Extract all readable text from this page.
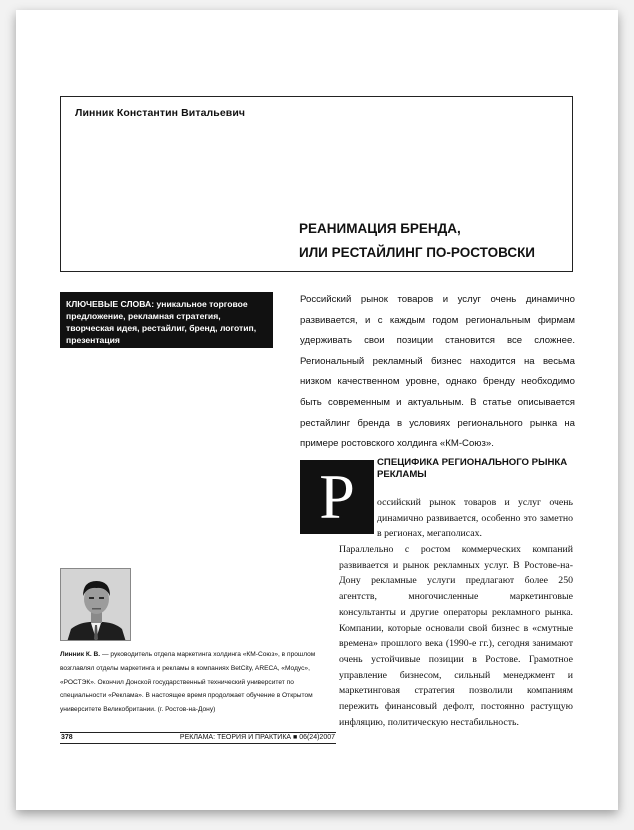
Линник Константин Витальевич
РЕАНИМАЦИЯ БРЕНДА,
ИЛИ РЕСТАЙЛИНГ ПО-РОСТОВСКИ
КЛЮЧЕВЫЕ СЛОВА: уникальное торговое предложение, рекламная стратегия, творческая идея, рестайлиг, бренд, логотип, презентация
Российский рынок товаров и услуг очень динамично развивается, и с каждым годом региональным фирмам удерживать свои позиции становится все сложнее. Региональный рекламный бизнес находится на весьма низком качественном уровне, однако бренду необходимо быть современным и актуальным. В статье описывается рестайлинг бренда в условиях регионального рынка на примере ростовского холдинга «КМ-Союз».
Р	СПЕЦИФИКА РЕГИОНАЛЬНОГО РЫНКА РЕКЛАМЫ
оссийский рынок товаров и услуг очень динамично развивается, особенно это заметно в регионах, мегаполисах.
Параллельно с ростом коммерческих компаний развивается и рынок рекламных услуг. В Ростове-на-Дону рекламные услуги предлагают более 250 агентств, многочисленные маркетинговые консультанты и другие операторы рекламного рынка. Компании, которые основали свой бизнес в «смутные времена» прошлого века (1990-е гг.), сегодня занимают очень устойчивые позиции в Ростове. Грамотное управление бизнесом, сильный менеджмент и маркетинговая стратегия позволили компаниям пережить финансовый дефолт, постоянно растущую инфляцию, политическую нестабильность.
Линник К. В. — руководитель отдела маркетинга холдинга «КМ-Союз», в прошлом возглавлял отделы маркетинга и рекламы в компаниях BetCity, ARECA, «Модус», «РОСТЭК». Окончил Донской государственный технический университет по специальности «Реклама». В настоящее время продолжает обучение в Открытом университете Великобритании. (г. Ростов-на-Дону)
378	РЕКЛАМА: ТЕОРИЯ И ПРАКТИКА ■ 06(24)2007
